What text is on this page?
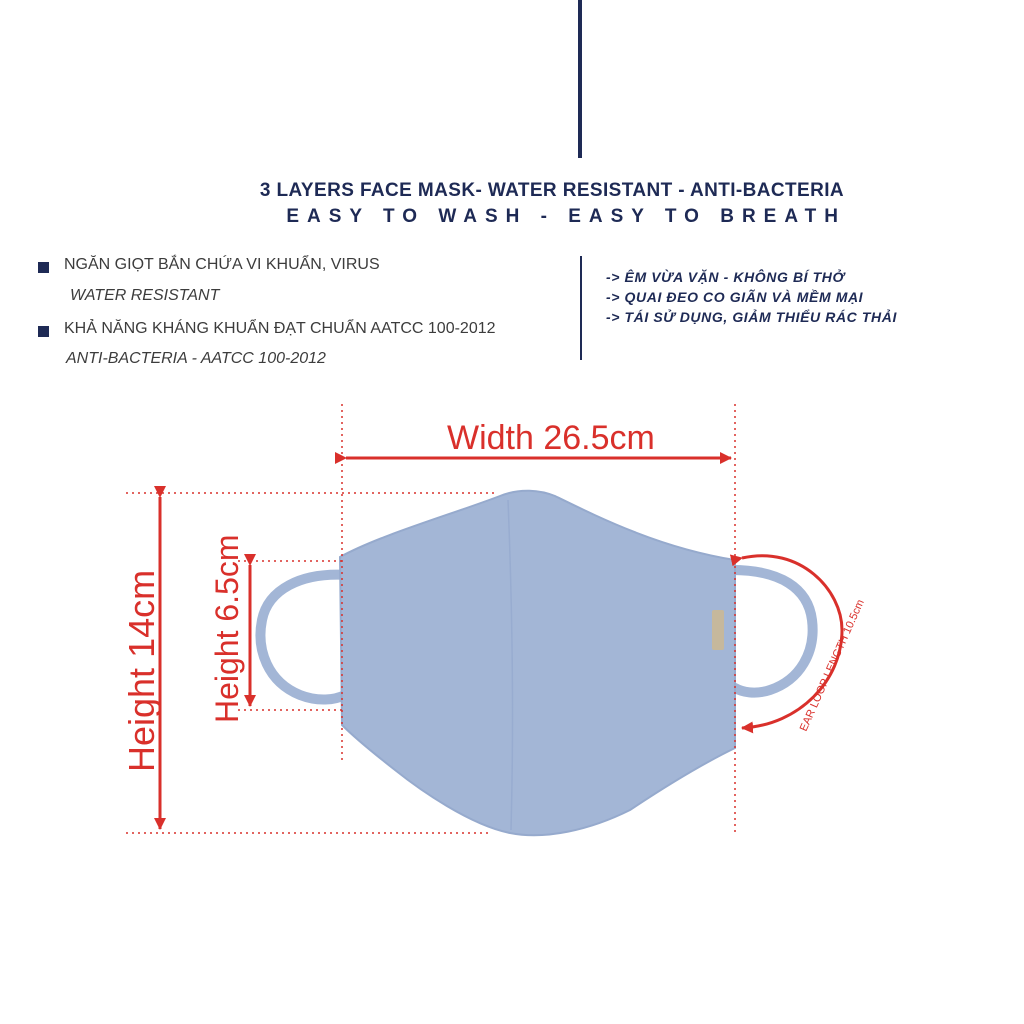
3 LAYERS FACE MASK- WATER RESISTANT - ANTI-BACTERIA
EASY TO WASH - EASY TO BREATH
NGĂN GIỌT BẮN CHỨA VI KHUẨN, VIRUS
WATER RESISTANT
KHẢ NĂNG KHÁNG KHUẨN ĐẠT CHUẨN AATCC 100-2012
ANTI-BACTERIA - AATCC 100-2012
-> ÊM VỪA VẶN - KHÔNG BÍ THỞ
-> QUAI ĐEO CO GIÃN VÀ MỀM MẠI
-> TÁI SỬ DỤNG, GIẢM THIỂU RÁC THẢI
Width 26.5cm
Height 14cm Height 6.5cm	EAR LOOP LENGTH 10.5cm
